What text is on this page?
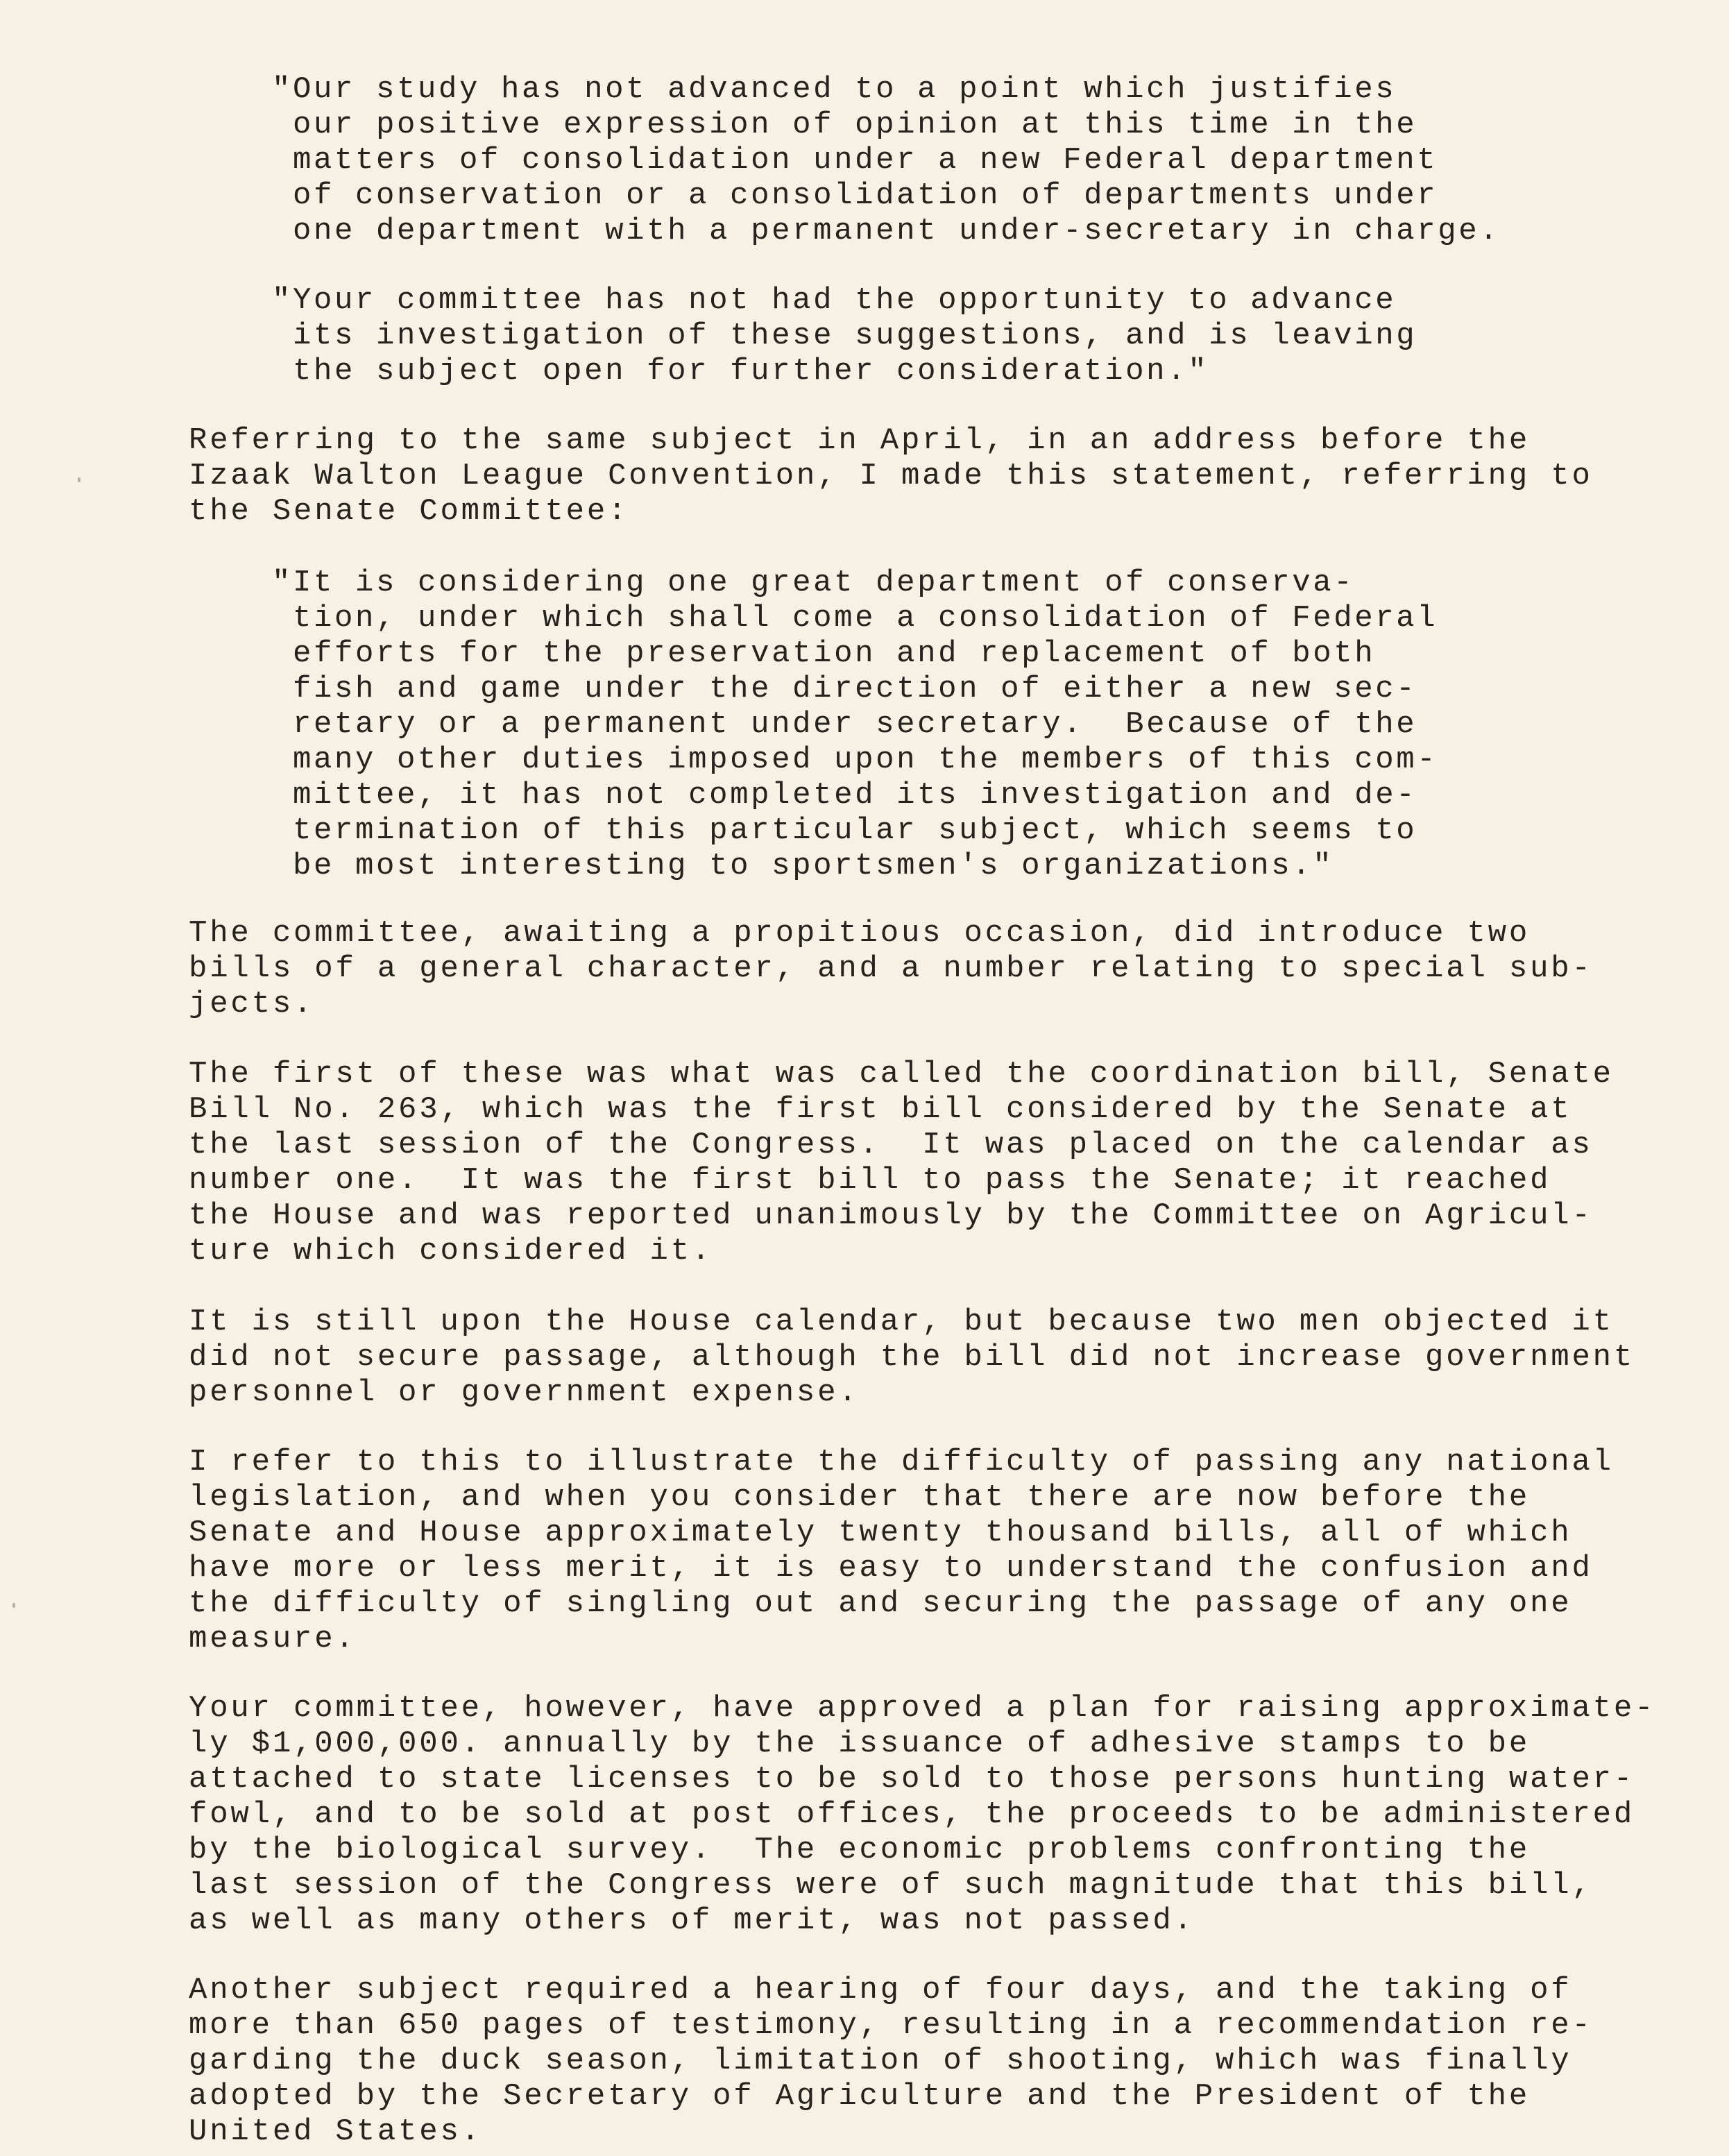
"Our study has not advanced to a point which justifies
our positive expression of opinion at this time in the
matters of consolidation under a new Federal department
of conservation or a consolidation of departments under
one department with a permanent under-secretary in charge.
"Your committee has not had the opportunity to advance
its investigation of these suggestions, and is leaving
the subject open for further consideration."
Referring to the same subject in April, in an address before the
Izaak Walton League Convention, I made this statement, referring to
the Senate Committee:
"It is considering one great department of conserva-
tion, under which shall come a consolidation of Federal
efforts for the preservation and replacement of both
fish and game under the direction of either a new sec-
retary or a permanent under secretary.  Because of the
many other duties imposed upon the members of this com-
mittee, it has not completed its investigation and de-
termination of this particular subject, which seems to
be most interesting to sportsmen's organizations."
The committee, awaiting a propitious occasion, did introduce two
bills of a general character, and a number relating to special sub-
jects.
The first of these was what was called the coordination bill, Senate
Bill No. 263, which was the first bill considered by the Senate at
the last session of the Congress.  It was placed on the calendar as
number one.  It was the first bill to pass the Senate; it reached
the House and was reported unanimously by the Committee on Agricul-
ture which considered it.
It is still upon the House calendar, but because two men objected it
did not secure passage, although the bill did not increase government
personnel or government expense.
I refer to this to illustrate the difficulty of passing any national
legislation, and when you consider that there are now before the
Senate and House approximately twenty thousand bills, all of which
have more or less merit, it is easy to understand the confusion and
the difficulty of singling out and securing the passage of any one
measure.
Your committee, however, have approved a plan for raising approximate-
ly $1,000,000. annually by the issuance of adhesive stamps to be
attached to state licenses to be sold to those persons hunting water-
fowl, and to be sold at post offices, the proceeds to be administered
by the biological survey.  The economic problems confronting the
last session of the Congress were of such magnitude that this bill,
as well as many others of merit, was not passed.
Another subject required a hearing of four days, and the taking of
more than 650 pages of testimony, resulting in a recommendation re-
garding the duck season, limitation of shooting, which was finally
adopted by the Secretary of Agriculture and the President of the
United States.
